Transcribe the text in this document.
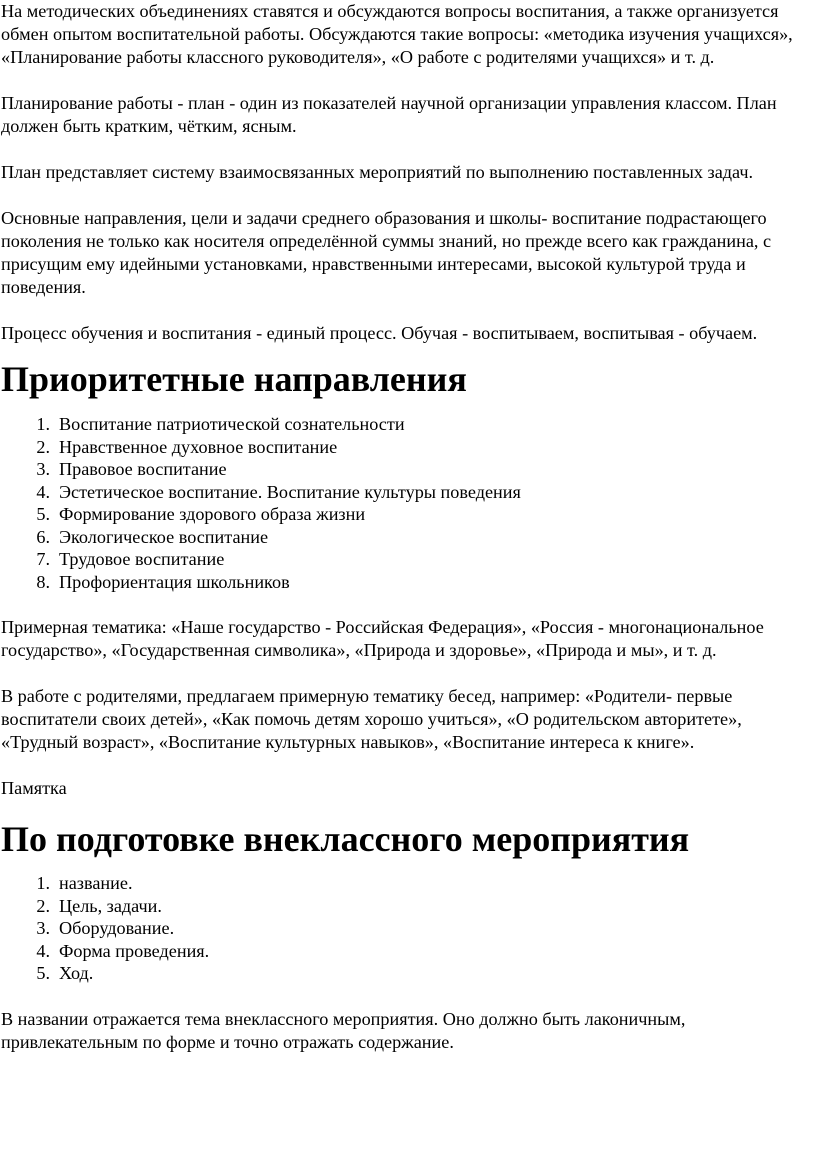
На методических объединениях ставятся и обсуждаются вопросы воспитания, а также организуется обмен опытом воспитательной работы. Обсуждаются такие вопросы: «методика изучения учащихся», «Планирование работы классного руководителя», «О работе с родителями учащихся» и т. д.

Планирование работы - план - один из показателей научной организации управления классом. План должен быть кратким, чётким, ясным.

План представляет систему взаимосвязанных мероприятий по выполнению поставленных задач.

Основные направления, цели и задачи среднего образования и школы- воспитание подрастающего поколения не только как носителя определённой суммы знаний, но прежде всего как гражданина, с присущим ему идейными установками, нравственными интересами, высокой культурой труда и поведения.

Процесс обучения и воспитания - единый процесс. Обучая - воспитываем, воспитывая - обучаем.

Приоритетные направления
1. Воспитание патриотической сознательности
2. Нравственное духовное воспитание
3. Правовое воспитание
4. Эстетическое воспитание. Воспитание культуры поведения
5. Формирование здорового образа жизни
6. Экологическое воспитание
7. Трудовое воспитание
8. Профориентация школьников

Примерная тематика: «Наше государство - Российская Федерация», «Россия - многонациональное государство», «Государственная символика», «Природа и здоровье», «Природа и мы», и т. д.

В работе с родителями, предлагаем примерную тематику бесед, например: «Родители- первые воспитатели своих детей», «Как помочь детям хорошо учиться», «О родительском авторитете», «Трудный возраст», «Воспитание культурных навыков», «Воспитание интереса к книге».

Памятка

По подготовке внеклассного мероприятия
1. название.
2. Цель, задачи.
3. Оборудование.
4. Форма проведения.
5. Ход.

В названии отражается тема внеклассного мероприятия. Оно должно быть лаконичным, привлекательным по форме и точно отражать содержание.
